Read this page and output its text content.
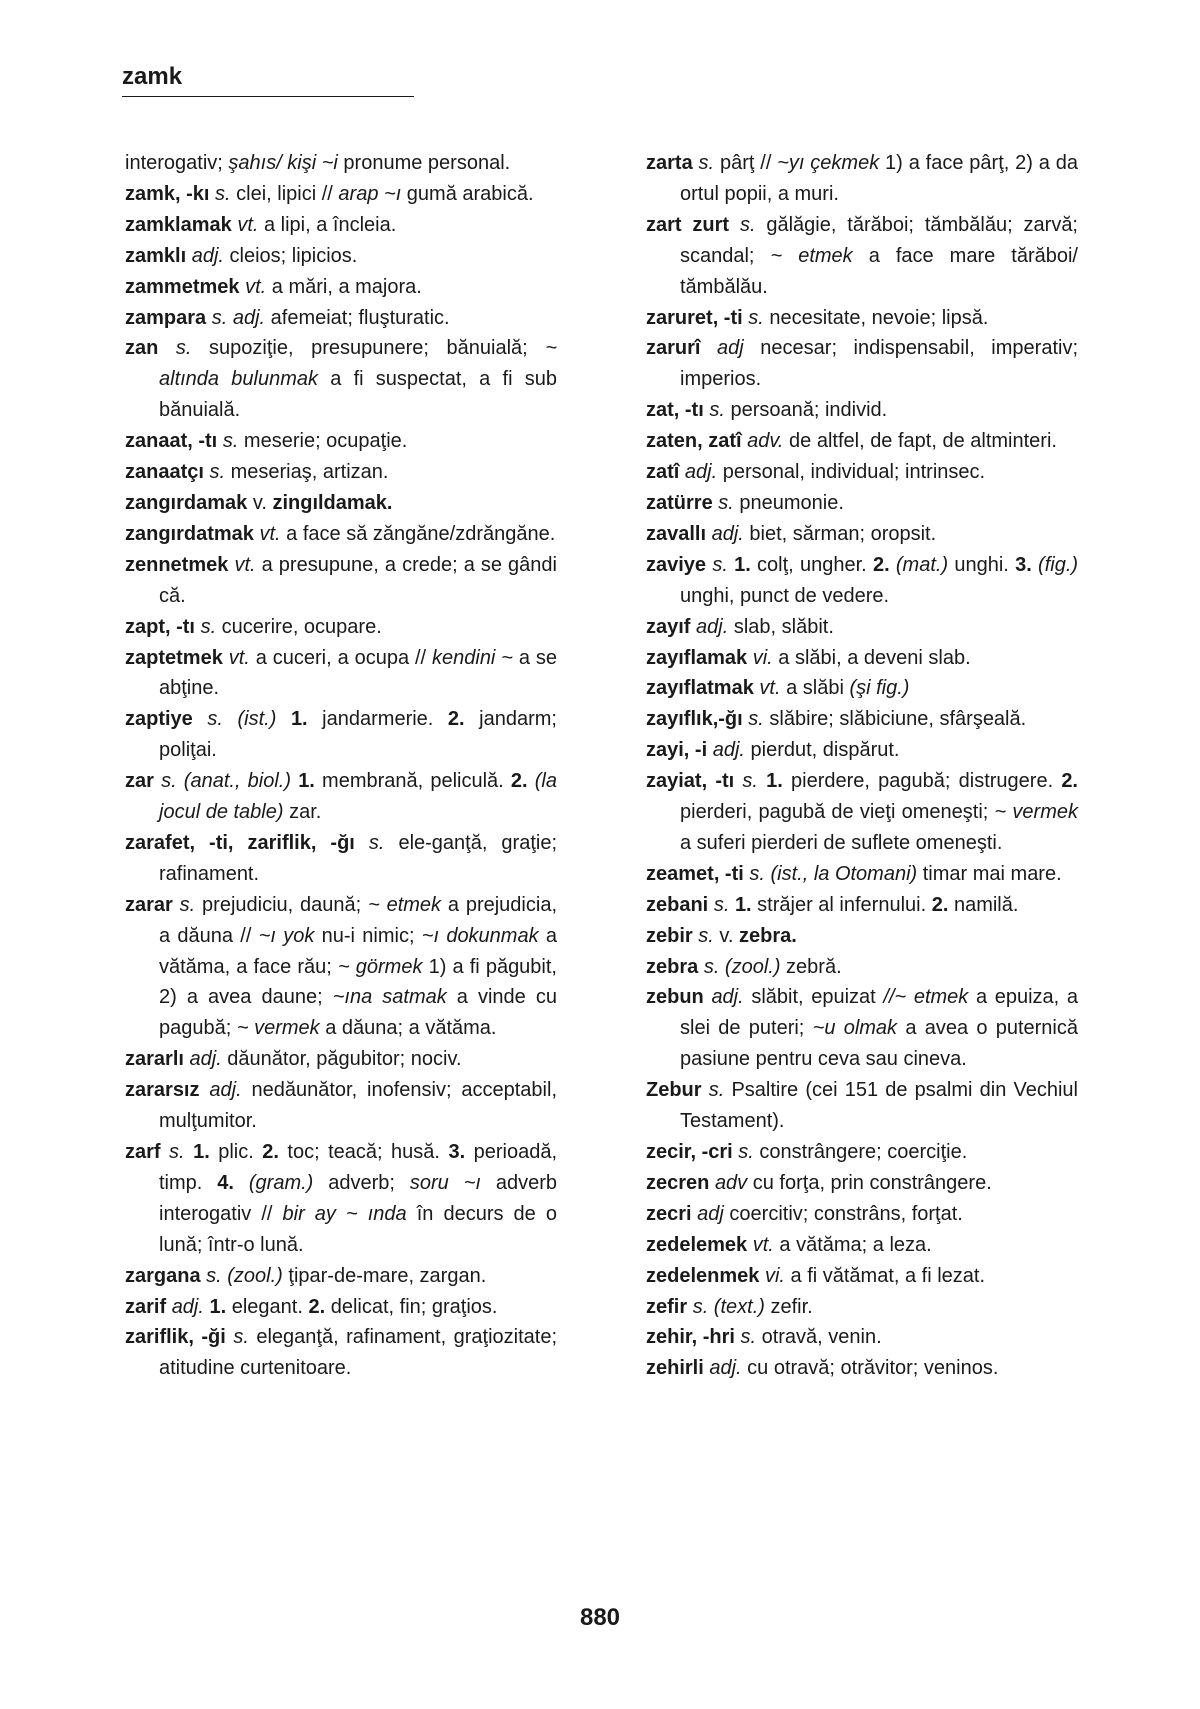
zamk

interogativ; şahıs/ kişi ~i pronume personal.

zamk, -kı s. clei, lipici // arap ~ı gumă arabică.

zamklamak vt. a lipi, a încleia.

zamklı adj. cleios; lipicios.

zammetmek vt. a mări, a majora.

zampara s. adj. afemeiat; fluşturatic.

zan s. supoziţie, presupunere; bănuială; ~ altında bulunmak a fi suspectat, a fi sub bănuială.

zanaat, -tı s. meserie; ocupaţie.

zanaatçı s. meseriaş, artizan.

zangırdamak v. zingıldamak.

zangırdatmak vt. a face să zăngăne/zdrăngăne.

zennetmek vt. a presupune, a crede; a se gândi că.

zapt, -tı s. cucerire, ocupare.

zaptetmek vt. a cuceri, a ocupa // kendini ~ a se abţine.

zaptiye s. (ist.) 1. jandarmerie. 2. jandarm; poliţai.

zar s. (anat., biol.) 1. membrană, peliculă. 2. (la jocul de table) zar.

zarafet, -ti, zariflik, -ğı s. ele-ganţă, graţie; rafinament.

zarar s. prejudiciu, daună; ~ etmek a prejudicia, a dăuna // ~ı yok nu-i nimic; ~ı dokunmak a vătăma, a face rău; ~ görmek 1) a fi păgubit, 2) a avea daune; ~ına satmak a vinde cu pagubă; ~ vermek a dăuna; a vătăma.

zararlı adj. dăunător, păgubitor; nociv.

zararsız adj. nedăunător, inofensiv; acceptabil, mulţumitor.

zarf s. 1. plic. 2. toc; teacă; husă. 3. perioadă, timp. 4. (gram.) adverb; soru ~ı adverb interogativ // bir ay ~ ında în decurs de o lună; într-o lună.

zargana s. (zool.) ţipar-de-mare, zargan.

zarif adj. 1. elegant. 2. delicat, fin; graţios.

zariflik, -ği s. eleganţă, rafinament, graţiozitate; atitudine curtenitoare.

zarta s. pârţ // ~yı çekmek 1) a face pârţ, 2) a da ortul popii, a muri.

zart zurt s. gălăgie, tărăboi; tămbălău; zarvă; scandal; ~ etmek a face mare tărăboi/ tămbălău.

zaruret, -ti s. necesitate, nevoie; lipsă.

zarurî adj necesar; indispensabil, imperativ; imperios.

zat, -tı s. persoană; individ.

zaten, zatî adv. de altfel, de fapt, de altminteri.

zatî adj. personal, individual; intrinsec.

zatürre s. pneumonie.

zavallı adj. biet, sărman; oropsit.

zaviye s. 1. colţ, ungher. 2. (mat.) unghi. 3. (fig.) unghi, punct de vedere.

zayıf adj. slab, slăbit.

zayıflamak vi. a slăbi, a deveni slab.

zayıflatmak vt. a slăbi (şi fig.)

zayıflık,-ğı s. slăbire; slăbiciune, sfârşeală.

zayi, -i adj. pierdut, dispărut.

zayiat, -tı s. 1. pierdere, pagubă; distrugere. 2. pierderi, pagubă de vieţi omeneşti; ~ vermek a suferi pierderi de suflete omeneşti.

zeamet, -ti s. (ist., la Otomani) timar mai mare.

zebani s. 1. străjer al infernului. 2. namilă.

zebir s. v. zebra.

zebra s. (zool.) zebră.

zebun adj. slăbit, epuizat //~ etmek a epuiza, a slei de puteri; ~u olmak a avea o puternică pasiune pentru ceva sau cineva.

Zebur s. Psaltire (cei 151 de psalmi din Vechiul Testament).

zecir, -cri s. constrângere; coerciţie.

zecren adv cu forţa, prin constrângere.

zecri adj coercitiv; constrâns, forţat.

zedelemek vt. a vătăma; a leza.

zedelenmek vi. a fi vătămat, a fi lezat.

zefir s. (text.) zefir.

zehir, -hri s. otravă, venin.

zehirli adj. cu otravă; otrăvitor; veninos.

880
